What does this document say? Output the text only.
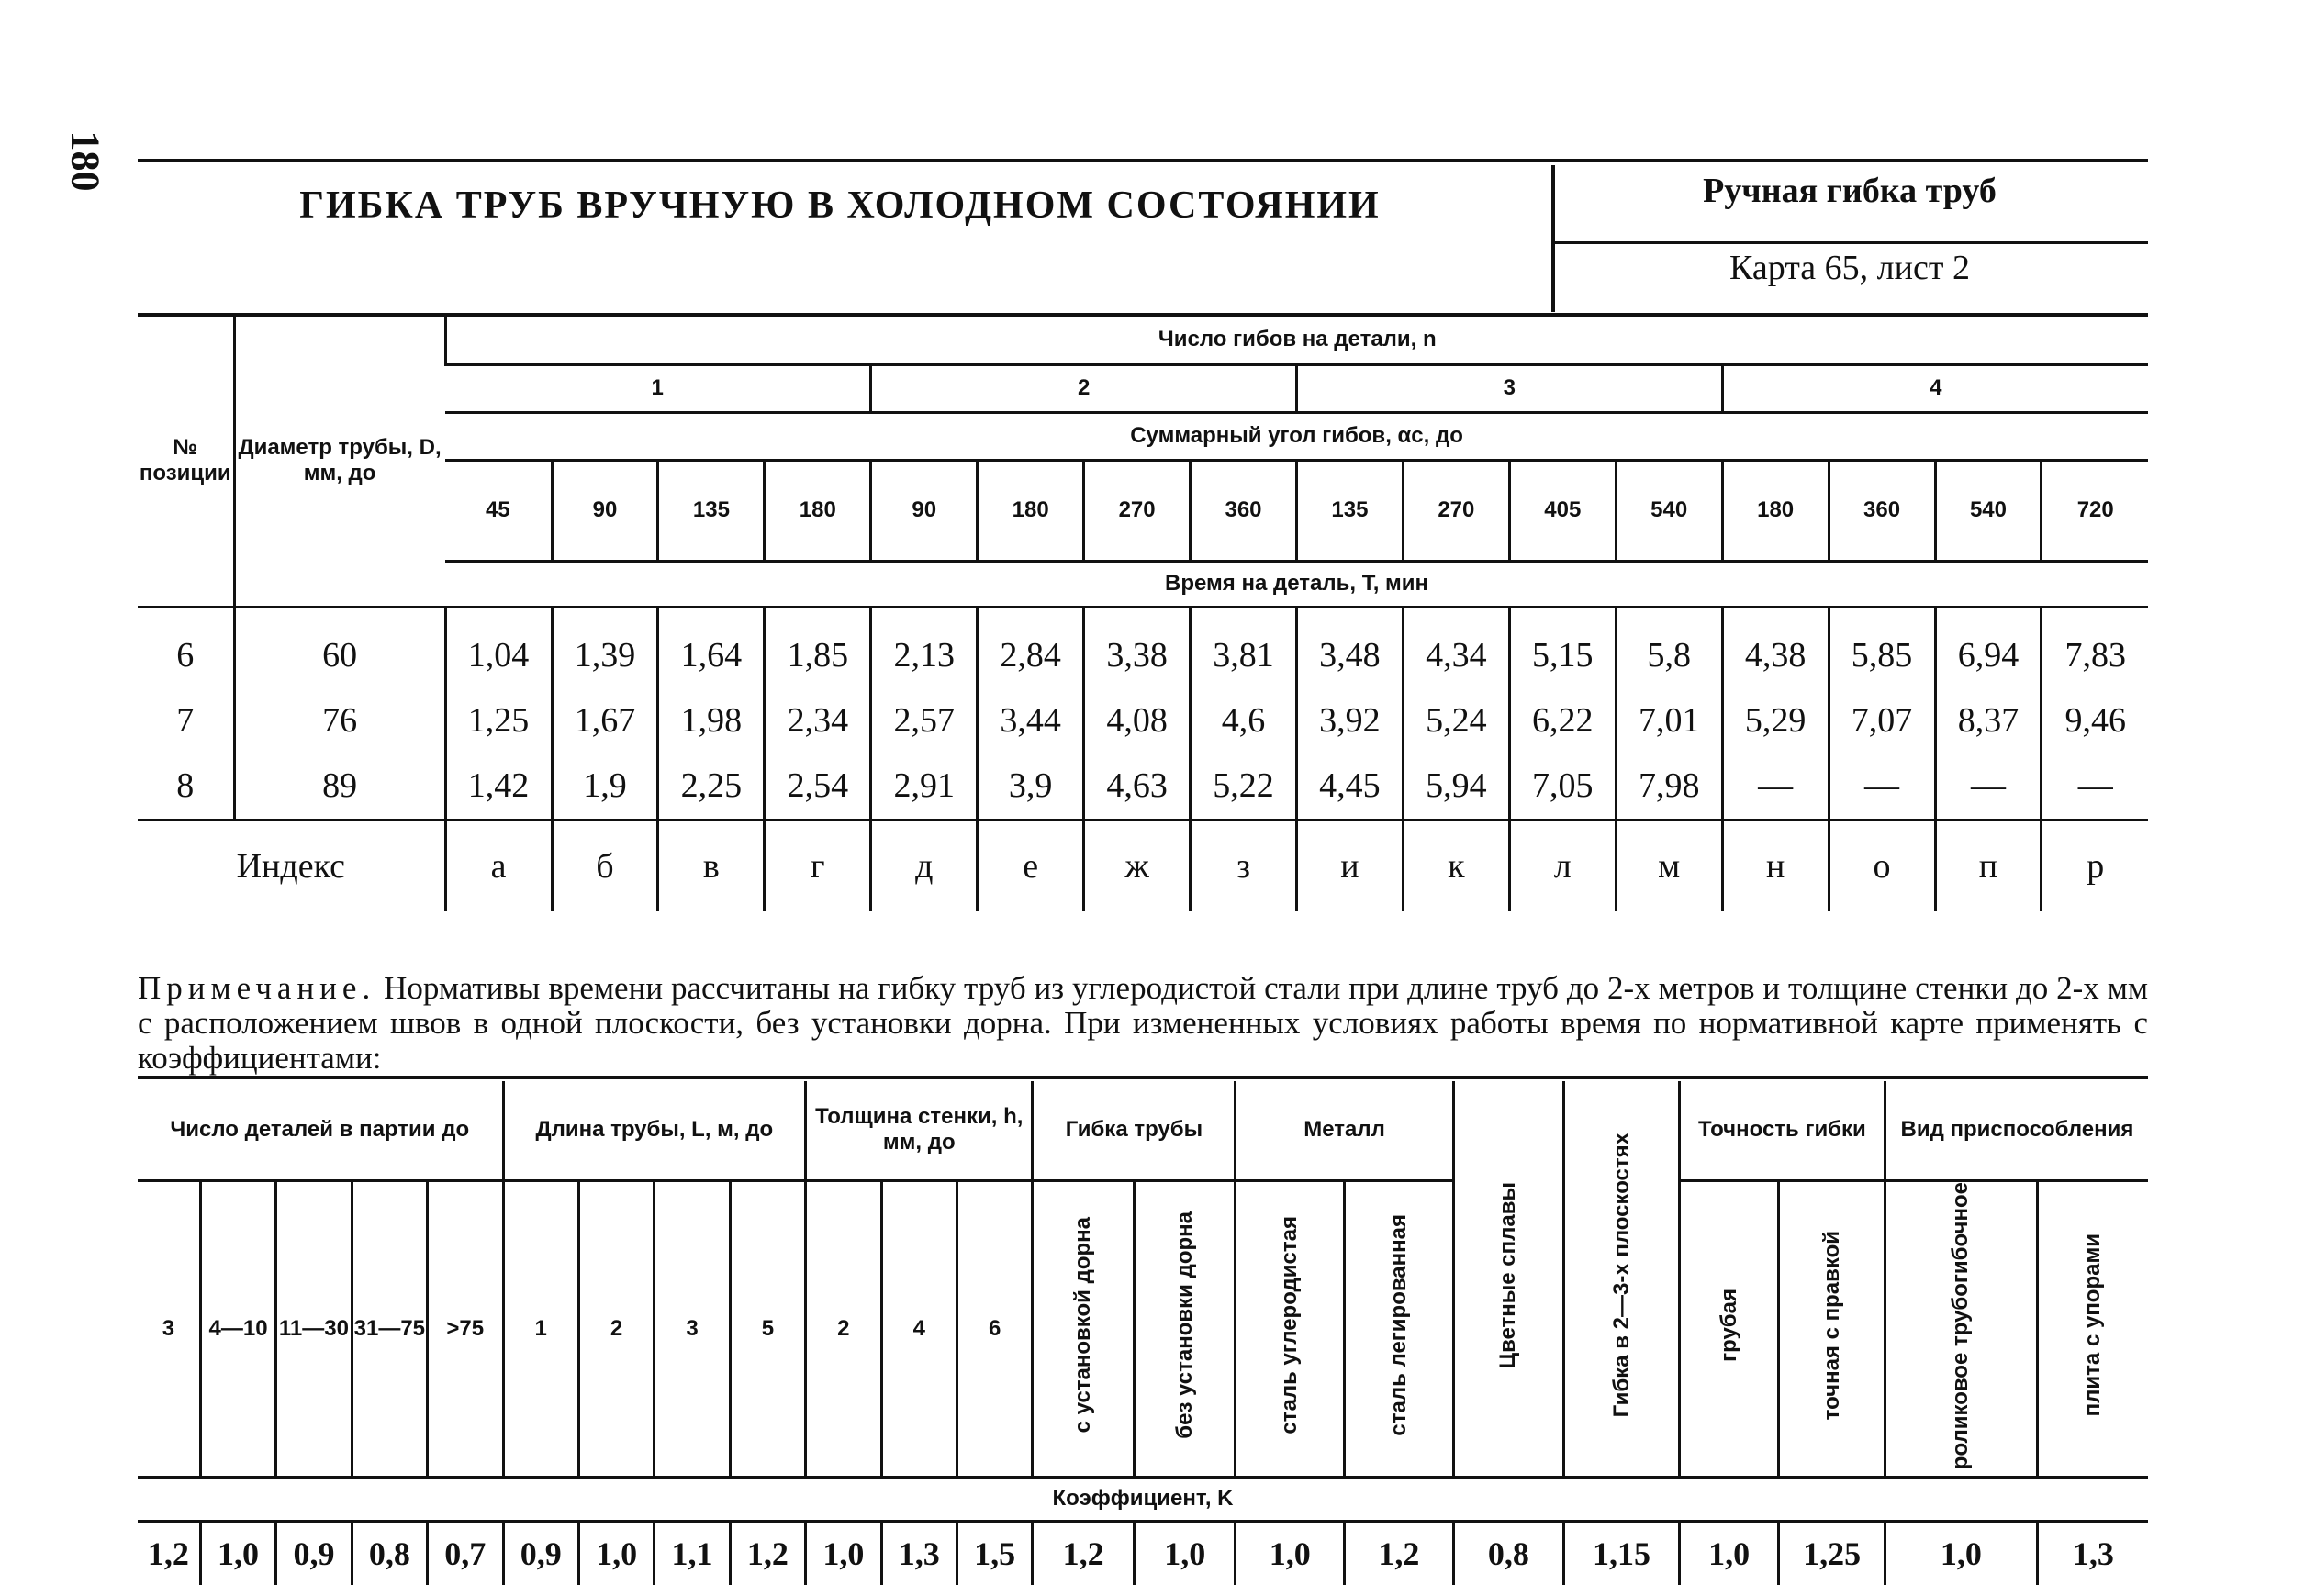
180
ГИБКА ТРУБ ВРУЧНУЮ В ХОЛОДНОМ СОСТОЯНИИ	Ручная гибка труб
Карта 65, лист 2
№ позиции	Диаметр трубы, D, мм, до	Число гибов на детали, n															
		1				2				3				4			
		Суммарный угол гибов, αс, до															
		45	90	135	180	90	180	270	360	135	270	405	540	180	360	540	720
		Время на деталь, T, мин															
6	60	1,04	1,39	1,64	1,85	2,13	2,84	3,38	3,81	3,48	4,34	5,15	5,8	4,38	5,85	6,94	7,83
7	76	1,25	1,67	1,98	2,34	2,57	3,44	4,08	4,6	3,92	5,24	6,22	7,01	5,29	7,07	8,37	9,46
8	89	1,42	1,9	2,25	2,54	2,91	3,9	4,63	5,22	4,45	5,94	7,05	7,98	—	—	—	—
Индекс		а	б	в	г	д	е	ж	з	и	к	л	м	н	о	п	р
Примечание. Нормативы времени рассчитаны на гибку труб из углеродистой стали при длине труб до 2-х метров и толщине стенки до 2-х мм с расположением швов в одной плоскости, без установки дорна. При измененных условиях работы время по нормативной карте применять с коэффициентами:
Число деталей в партии до					Длина трубы, L, м, до				Толщина стенки, h, мм, до			Гибка трубы		Металл		Цветные сплавы	Гибка в 2—3-х плоскостях	Точность гибки		Вид приспособления	
3	4—10	11—30	31—75	>75	1	2	3	5	2	4	6	с установкой дорна	без установки дорна	сталь углеродистая	сталь легированная			грубая	точная с правкой	роликовое трубогибочное	плита с упорами
Коэффициент, K																					
1,2	1,0	0,9	0,8	0,7	0,9	1,0	1,1	1,2	1,0	1,3	1,5	1,2	1,0	1,0	1,2	0,8	1,15	1,0	1,25	1,0	1,3
